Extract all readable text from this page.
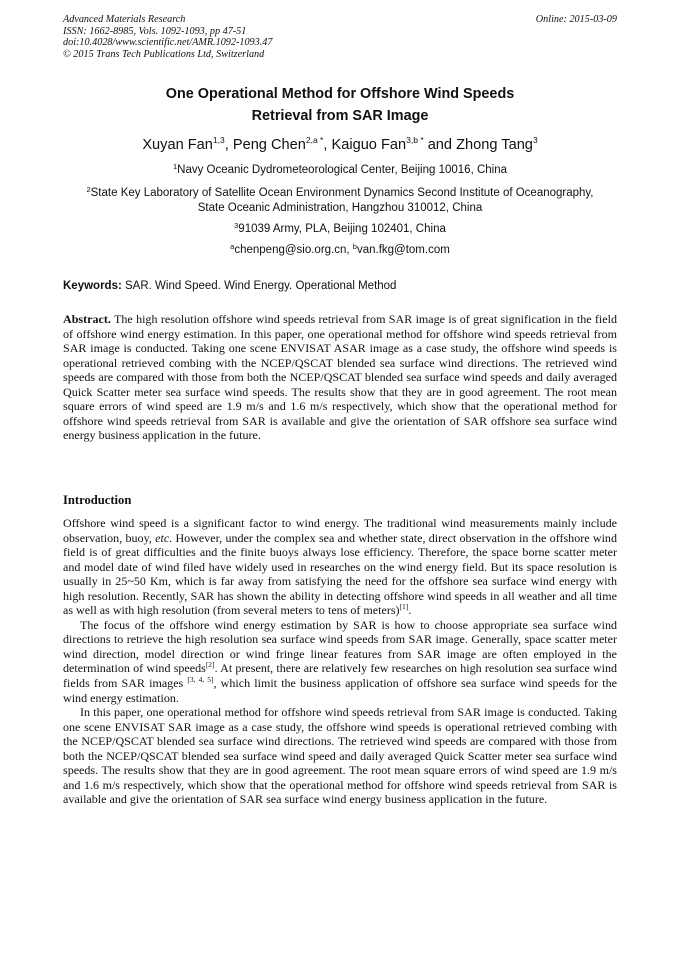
Advanced Materials Research
ISSN: 1662-8985, Vols. 1092-1093, pp 47-51
doi:10.4028/www.scientific.net/AMR.1092-1093.47
© 2015 Trans Tech Publications Ltd, Switzerland
Online: 2015-03-09
One Operational Method for Offshore Wind Speeds
Retrieval from SAR Image
Xuyan Fan$^{1,3}$, Peng Chen$^{2,a *}$, Kaiguo Fan$^{3,b *}$ and Zhong Tang$^3$
$^1$Navy Oceanic Dydrometeorological Center, Beijing 10016, China
$^2$State Key Laboratory of Satellite Ocean Environment Dynamics Second Institute of Oceanography,
State Oceanic Administration, Hangzhou 310012, China
$^3$91039 Army, PLA, Beijing 102401, China
$^a$chenpeng@sio.org.cn, $^b$van.fkg@tom.com
Keywords: SAR. Wind Speed. Wind Energy. Operational Method

Abstract. The high resolution offshore wind speeds retrieval from SAR image is of great signification in the field of offshore wind energy estimation. In this paper, one operational method for offshore wind speeds retrieval from SAR image is conducted. Taking one scene ENVISAT ASAR image as a case study, the offshore wind speeds is operational retrieved combing with the NCEP/QSCAT blended sea surface wind directions. The retrieved wind speeds are compared with those from both the NCEP/QSCAT blended sea surface wind speeds and daily averaged Quick Scatter meter sea surface wind speeds. The results show that they are in good agreement. The root mean square errors of wind speed are 1.9 m/s and 1.6 m/s respectively, which show that the operational method for offshore wind speeds retrieval from SAR is available and give the orientation of SAR offshore sea surface wind energy business application in the future.

Introduction

Offshore wind speed is a significant factor to wind energy. The traditional wind measurements mainly include observation, buoy, etc. However, under the complex sea and whether state, direct observation in the offshore wind field is of great difficulties and the finite buoys always lose efficiency. Therefore, the space borne scatter meter and model date of wind filed have widely used in researches on the wind energy field. But its space resolution is usually in 25~50 Km, which is far away from satisfying the need for the offshore sea surface wind energy with high resolution. Recently, SAR has shown the ability in detecting offshore wind speeds in all weather and all time as well as with high resolution (from several meters to tens of meters)[1].

The focus of the offshore wind energy estimation by SAR is how to choose appropriate sea surface wind directions to retrieve the high resolution sea surface wind speeds from SAR image. Generally, space scatter meter wind direction, model direction or wind fringe linear features from SAR image are often employed in the determination of wind speeds[2]. At present, there are relatively few researches on high resolution sea surface wind fields from SAR images [3, 4, 5], which limit the business application of offshore sea surface wind speeds for the wind energy estimation.

In this paper, one operational method for offshore wind speeds retrieval from SAR image is conducted. Taking one scene ENVISAT SAR image as a case study, the offshore wind speeds is operational retrieved combing with the NCEP/QSCAT blended sea surface wind directions. The retrieved wind speeds are compared with those from both the NCEP/QSCAT blended sea surface wind speed and daily averaged Quick Scatter meter sea surface wind speeds. The results show that they are in good agreement. The root mean square errors of wind speed are 1.9 m/s and 1.6 m/s respectively, which show that the operational method for offshore wind speeds retrieval from SAR is available and give the orientation of SAR sea surface wind energy business application in the future.
